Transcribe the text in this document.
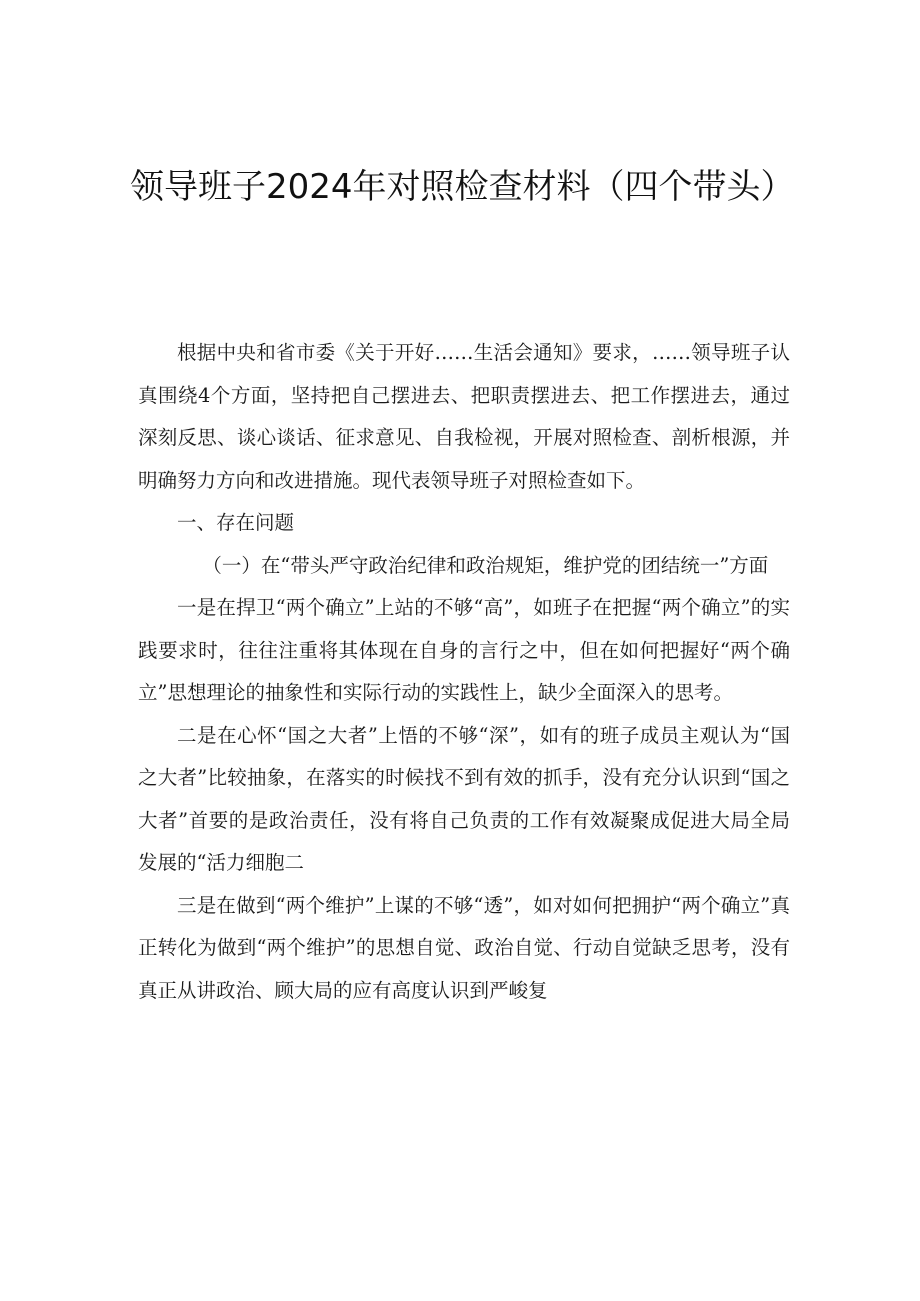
领导班子2024年对照检查材料（四个带头）

根据中央和省市委《关于开好……生活会通知》要求，……领导班子认真围绕4个方面，坚持把自己摆进去、把职责摆进去、把工作摆进去，通过深刻反思、谈心谈话、征求意见、自我检视，开展对照检查、剖析根源，并明确努力方向和改进措施。现代表领导班子对照检查如下。

一、存在问题

（一）在“带头严守政治纪律和政治规矩，维护党的团结统一”方面

一是在捍卫“两个确立”上站的不够“高”，如班子在把握“两个确立”的实践要求时，往往注重将其体现在自身的言行之中，但在如何把握好“两个确立”思想理论的抽象性和实际行动的实践性上，缺少全面深入的思考。

二是在心怀“国之大者”上悟的不够“深”，如有的班子成员主观认为“国之大者”比较抽象，在落实的时候找不到有效的抓手，没有充分认识到“国之大者”首要的是政治责任，没有将自己负责的工作有效凝聚成促进大局全局发展的“活力细胞二

三是在做到“两个维护”上谋的不够“透”，如对如何把拥护“两个确立”真正转化为做到“两个维护”的思想自觉、政治自觉、行动自觉缺乏思考，没有真正从讲政治、顾大局的应有高度认识到严峻复
